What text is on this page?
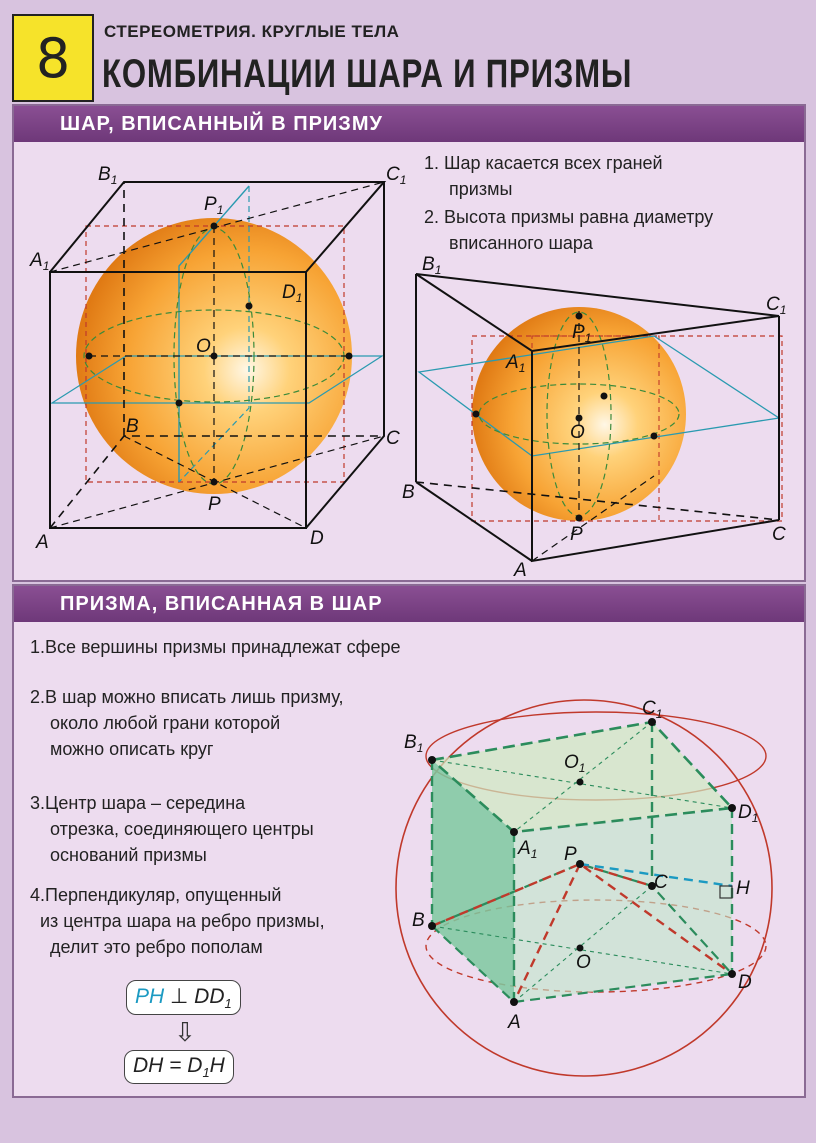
8	СТЕРЕОМЕТРИЯ. КРУГЛЫЕ ТЕЛА
КОМБИНАЦИИ ШАРА И ПРИЗМЫ
ШАР, ВПИСАННЫЙ В ПРИЗМУ
1. Шар касается всех граней
призмы
2. Высота призмы равна диаметру
вписанного шара
$B_1$	$C_1$
$A_1$
$D_1$
$P_1$
O
B
C
A	D
P
$B_1$
$C_1$
$A_1$
$P_1$
O
B
C
A
P
ПРИЗМА, ВПИСАННАЯ В ШАР
1.Все вершины призмы принадлежат сфере
2.В шар можно вписать лишь призму,
около любой грани которой
можно описать круг
3.Центр шара – середина
отрезка, соединяющего центры
оснований призмы
4.Перпендикуляр, опущенный
из центра шара на ребро призмы,
делит это ребро пополам
PH ⊥ $DD_1$
⇩
DH = $D_1H$
$B_1$
$C_1$
$O_1$
$D_1$
$A_1$ P
C	H
B
O
D
A
